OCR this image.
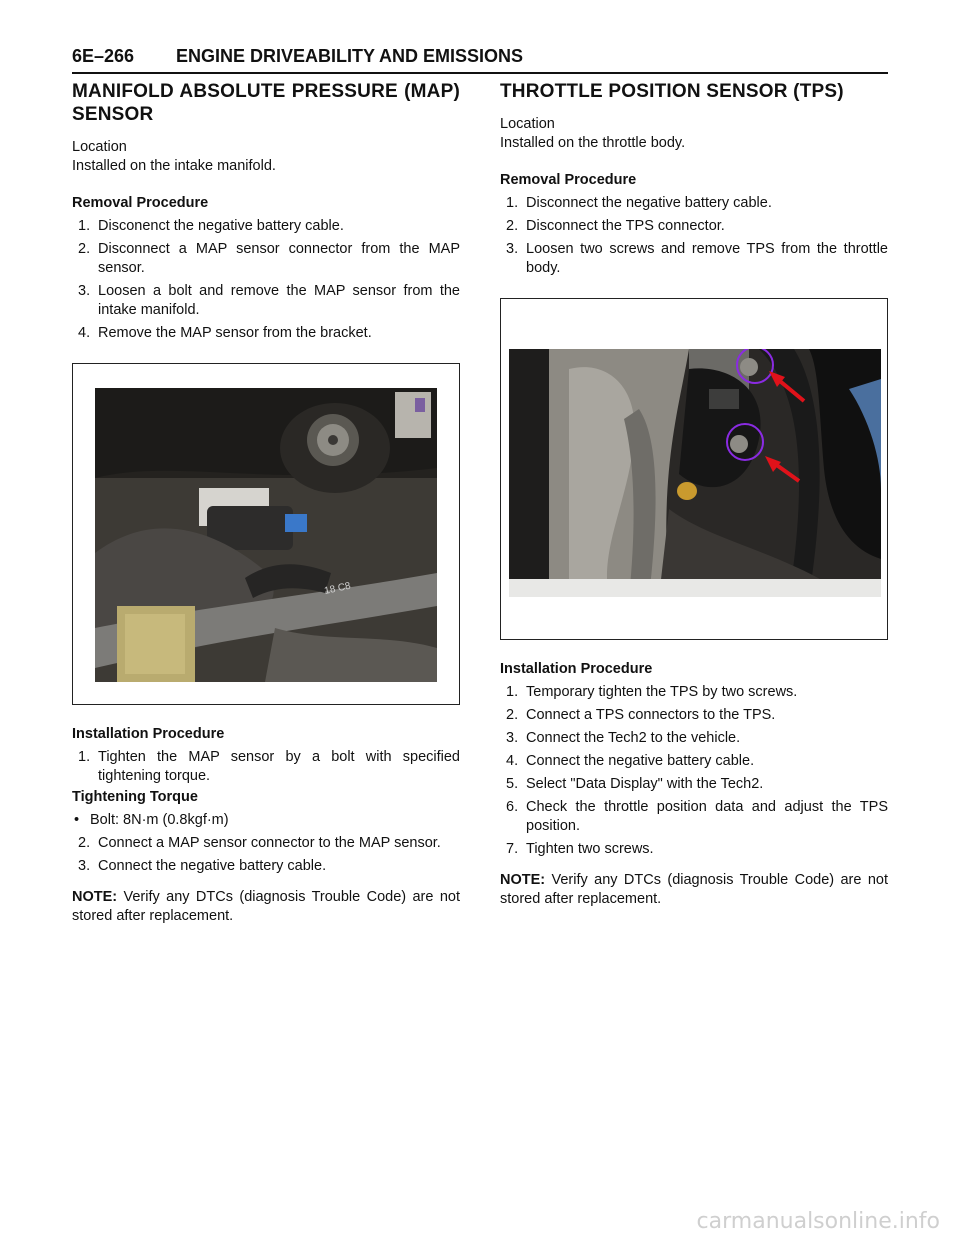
6E–266 ENGINE DRIVEABILITY AND EMISSIONS
MANIFOLD ABSOLUTE PRESSURE (MAP) SENSOR

Location

Installed on the intake manifold.

Removal Procedure

1. Disconenct the negative battery cable.
2. Disconnect a MAP sensor connector from the MAP sensor.
3. Loosen a bolt and remove the MAP sensor from the intake manifold.
4. Remove the MAP sensor from the bracket.
18 C8

Installation Procedure

1. Tighten the MAP sensor by a bolt with specified tightening torque.

Tightening Torque

• Bolt: 8N·m (0.8kgf·m)
2. Connect a MAP sensor connector to the MAP sensor.
3. Connect the negative battery cable.

NOTE: Verify any DTCs (diagnosis Trouble Code) are not stored after replacement.

THROTTLE POSITION SENSOR (TPS)

Location

Installed on the throttle body.

Removal Procedure

1. Disconnect the negative battery cable.
2. Disconnect the TPS connector.
3. Loosen two screws and remove TPS from the throttle body.

Installation Procedure

1. Temporary tighten the TPS by two screws.
2. Connect a TPS connectors to the TPS.
3. Connect the Tech2 to the vehicle.
4. Connect the negative battery cable.
5. Select "Data Display" with the Tech2.
6. Check the throttle position data and adjust the TPS position.
7. Tighten two screws.

NOTE: Verify any DTCs (diagnosis Trouble Code) are not stored after replacement.

carmanualsonline.info
